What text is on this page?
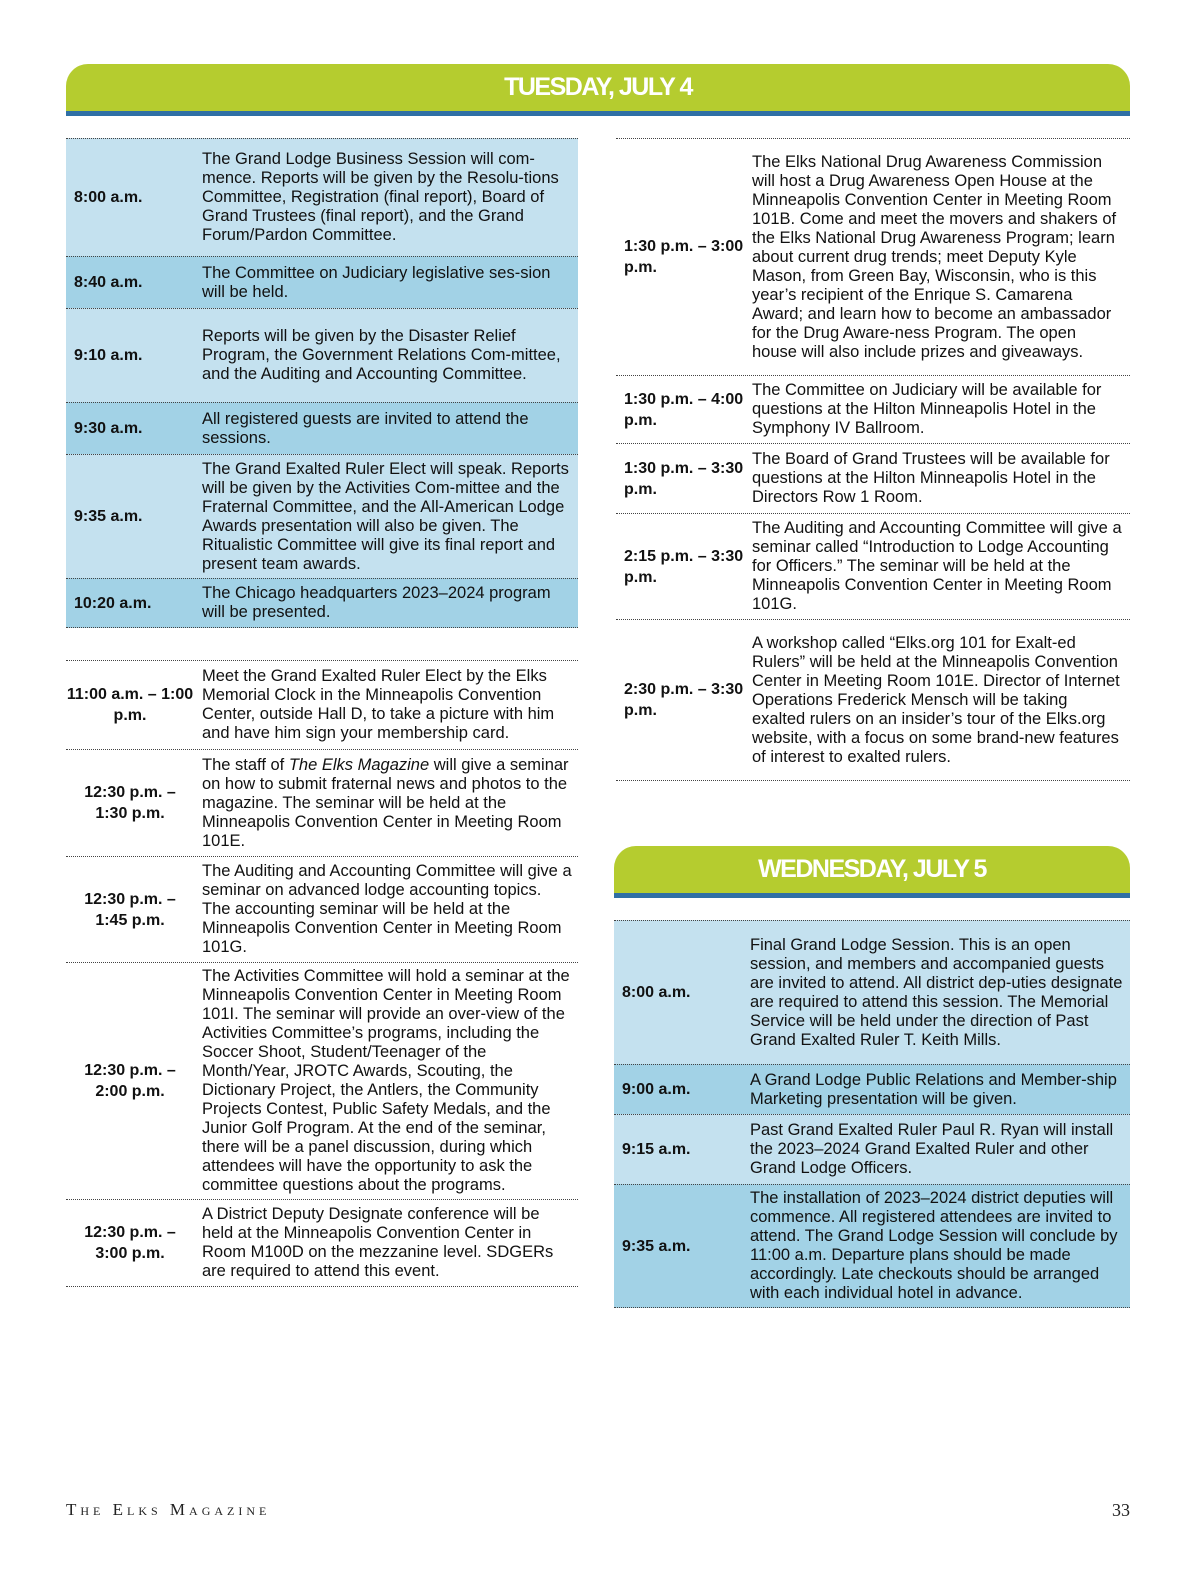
TUESDAY, JULY 4
8:00 a.m.
The Grand Lodge Business Session will com-mence. Reports will be given by the Resolu-tions Committee, Registration (final report), Board of Grand Trustees (final report), and the Grand Forum/Pardon Committee.
8:40 a.m.
The Committee on Judiciary legislative ses-sion will be held.
9:10 a.m.
Reports will be given by the Disaster Relief Program, the Government Relations Com-mittee, and the Auditing and Accounting Committee.
9:30 a.m.
All registered guests are invited to attend the sessions.
9:35 a.m.
The Grand Exalted Ruler Elect will speak. Reports will be given by the Activities Com-mittee and the Fraternal Committee, and the All-American Lodge Awards presentation will also be given. The Ritualistic Committee will give its final report and present team awards.
10:20 a.m.
The Chicago headquarters 2023–2024 program will be presented.
11:00 a.m. – 1:00 p.m.
Meet the Grand Exalted Ruler Elect by the Elks Memorial Clock in the Minneapolis Convention Center, outside Hall D, to take a picture with him and have him sign your membership card.
12:30 p.m. – 1:30 p.m.
The staff of The Elks Magazine will give a seminar on how to submit fraternal news and photos to the magazine. The seminar will be held at the Minneapolis Convention Center in Meeting Room 101E.
12:30 p.m. – 1:45 p.m.
The Auditing and Accounting Committee will give a seminar on advanced lodge accounting topics. The accounting seminar will be held at the Minneapolis Convention Center in Meeting Room 101G.
12:30 p.m. – 2:00 p.m.
The Activities Committee will hold a seminar at the Minneapolis Convention Center in Meeting Room 101I. The seminar will provide an over-view of the Activities Committee’s programs, including the Soccer Shoot, Student/Teenager of the Month/Year, JROTC Awards, Scouting, the Dictionary Project, the Antlers, the Community Projects Contest, Public Safety Medals, and the Junior Golf Program. At the end of the seminar, there will be a panel discussion, during which attendees will have the opportunity to ask the committee questions about the programs.
12:30 p.m. – 3:00 p.m.
A District Deputy Designate conference will be held at the Minneapolis Convention Center in Room M100D on the mezzanine level. SDGERs are required to attend this event.
1:30 p.m. – 3:00 p.m.
The Elks National Drug Awareness Commission will host a Drug Awareness Open House at the Minneapolis Convention Center in Meeting Room 101B. Come and meet the movers and shakers of the Elks National Drug Awareness Program; learn about current drug trends; meet Deputy Kyle Mason, from Green Bay, Wisconsin, who is this year’s recipient of the Enrique S. Camarena Award; and learn how to become an ambassador for the Drug Aware-ness Program. The open house will also include prizes and giveaways.
1:30 p.m. – 4:00 p.m.
The Committee on Judiciary will be available for questions at the Hilton Minneapolis Hotel in the Symphony IV Ballroom.
1:30 p.m. – 3:30 p.m.
The Board of Grand Trustees will be available for questions at the Hilton Minneapolis Hotel in the Directors Row 1 Room.
2:15 p.m. – 3:30 p.m.
The Auditing and Accounting Committee will give a seminar called “Introduction to Lodge Accounting for Officers.” The seminar will be held at the Minneapolis Convention Center in Meeting Room 101G.
2:30 p.m. – 3:30 p.m.
A workshop called “Elks.org 101 for Exalt-ed Rulers” will be held at the Minneapolis Convention Center in Meeting Room 101E. Director of Internet Operations Frederick Mensch will be taking exalted rulers on an insider’s tour of the Elks.org website, with a focus on some brand-new features of interest to exalted rulers.
WEDNESDAY, JULY 5
8:00 a.m.
Final Grand Lodge Session. This is an open session, and members and accompanied guests are invited to attend. All district dep-uties designate are required to attend this session. The Memorial Service will be held under the direction of Past Grand Exalted Ruler T. Keith Mills.
9:00 a.m.
A Grand Lodge Public Relations and Member-ship Marketing presentation will be given.
9:15 a.m.
Past Grand Exalted Ruler Paul R. Ryan will install the 2023–2024 Grand Exalted Ruler and other Grand Lodge Officers.
9:35 a.m.
The installation of 2023–2024 district deputies will commence. All registered attendees are invited to attend. The Grand Lodge Session will conclude by 11:00 a.m. Departure plans should be made accordingly. Late checkouts should be arranged with each individual hotel in advance.
The Elks Magazine	33
